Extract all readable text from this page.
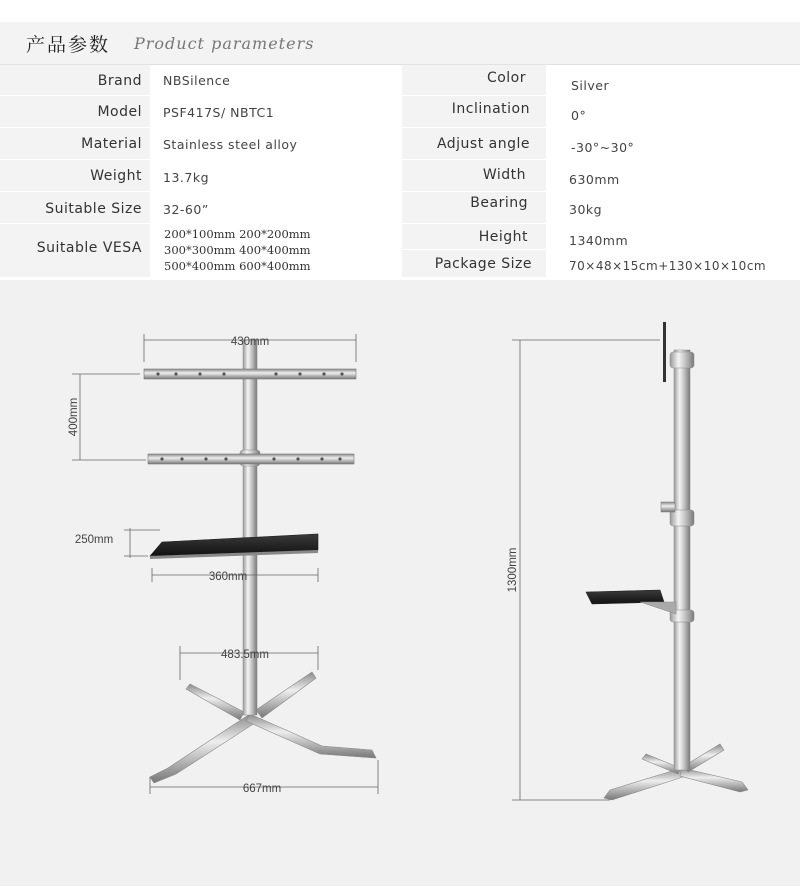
产品参数 Product parameters
Brand NBSilence
Model PSF417S/ NBTC1
Material Stainless steel alloy
Weight 13.7kg
Suitable Size 32-60”
Suitable VESA
200*100mm 200*200mm
300*300mm 400*400mm
500*400mm 600*400mm
Color	Silver
Inclination	0°
Adjust angle	-30°~30°
Width	630mm
Bearing	30kg
Height	1340mm
Package Size	70×48×15cm+130×10×10cm
430mm
400mm
250mm
360mm
483.5mm
667mm
1300mm
